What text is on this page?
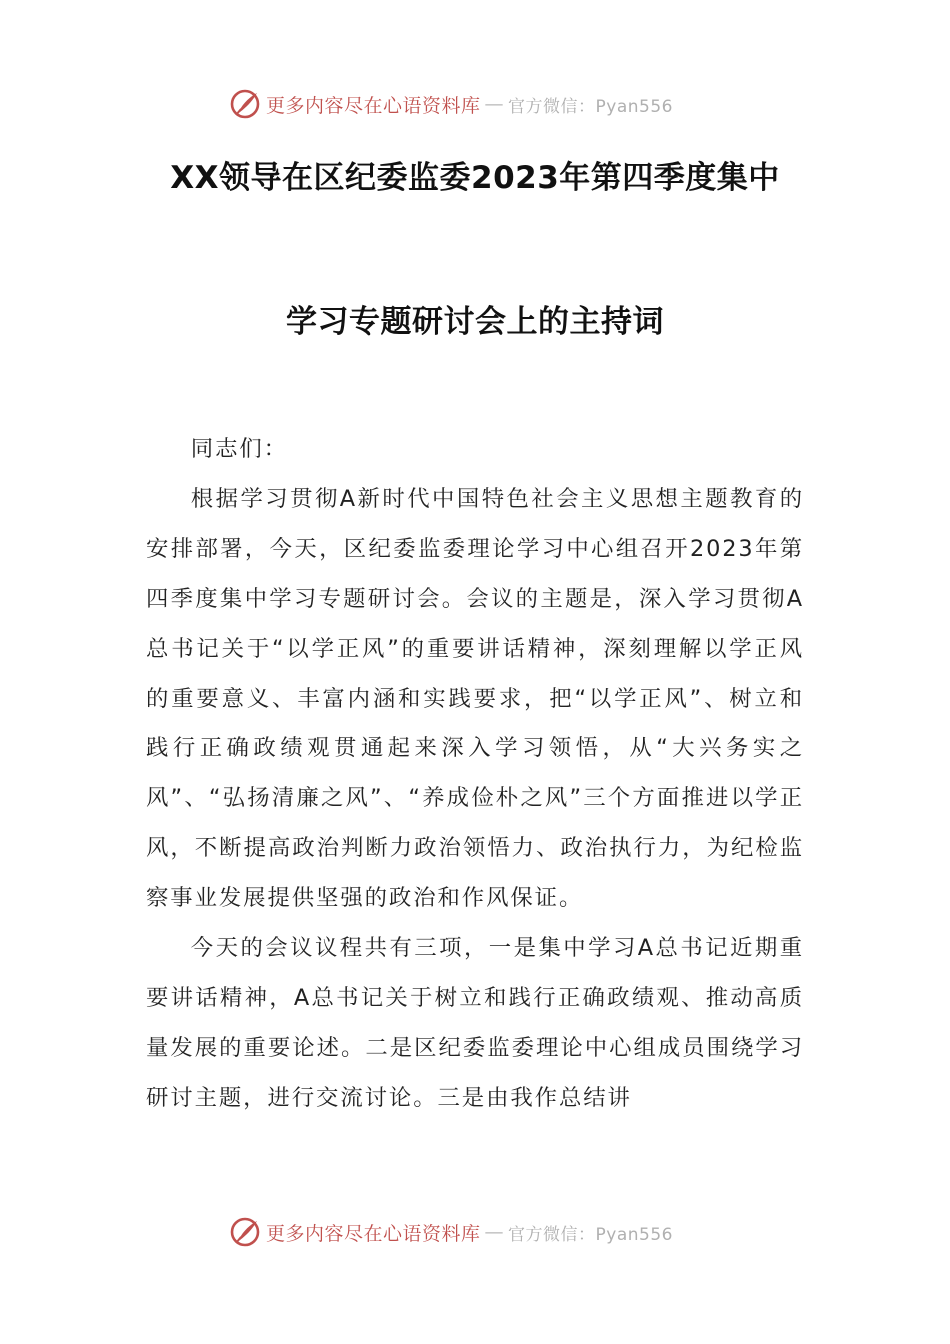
更多内容尽在心语资料库 — 官方微信：Pyan556
XX领导在区纪委监委2023年第四季度集中
学习专题研讨会上的主持词

同志们：

根据学习贯彻A新时代中国特色社会主义思想主题教育的安排部署，今天，区纪委监委理论学习中心组召开2023年第四季度集中学习专题研讨会。会议的主题是，深入学习贯彻A总书记关于“以学正风”的重要讲话精神，深刻理解以学正风的重要意义、丰富内涵和实践要求，把“以学正风”、树立和践行正确政绩观贯通起来深入学习领悟，从“大兴务实之风”、“弘扬清廉之风”、“养成俭朴之风”三个方面推进以学正风，不断提高政治判断力政治领悟力、政治执行力，为纪检监察事业发展提供坚强的政治和作风保证。

今天的会议议程共有三项，一是集中学习A总书记近期重要讲话精神，A总书记关于树立和践行正确政绩观、推动高质量发展的重要论述。二是区纪委监委理论中心组成员围绕学习研讨主题，进行交流讨论。三是由我作总结讲

更多内容尽在心语资料库 — 官方微信：Pyan556
